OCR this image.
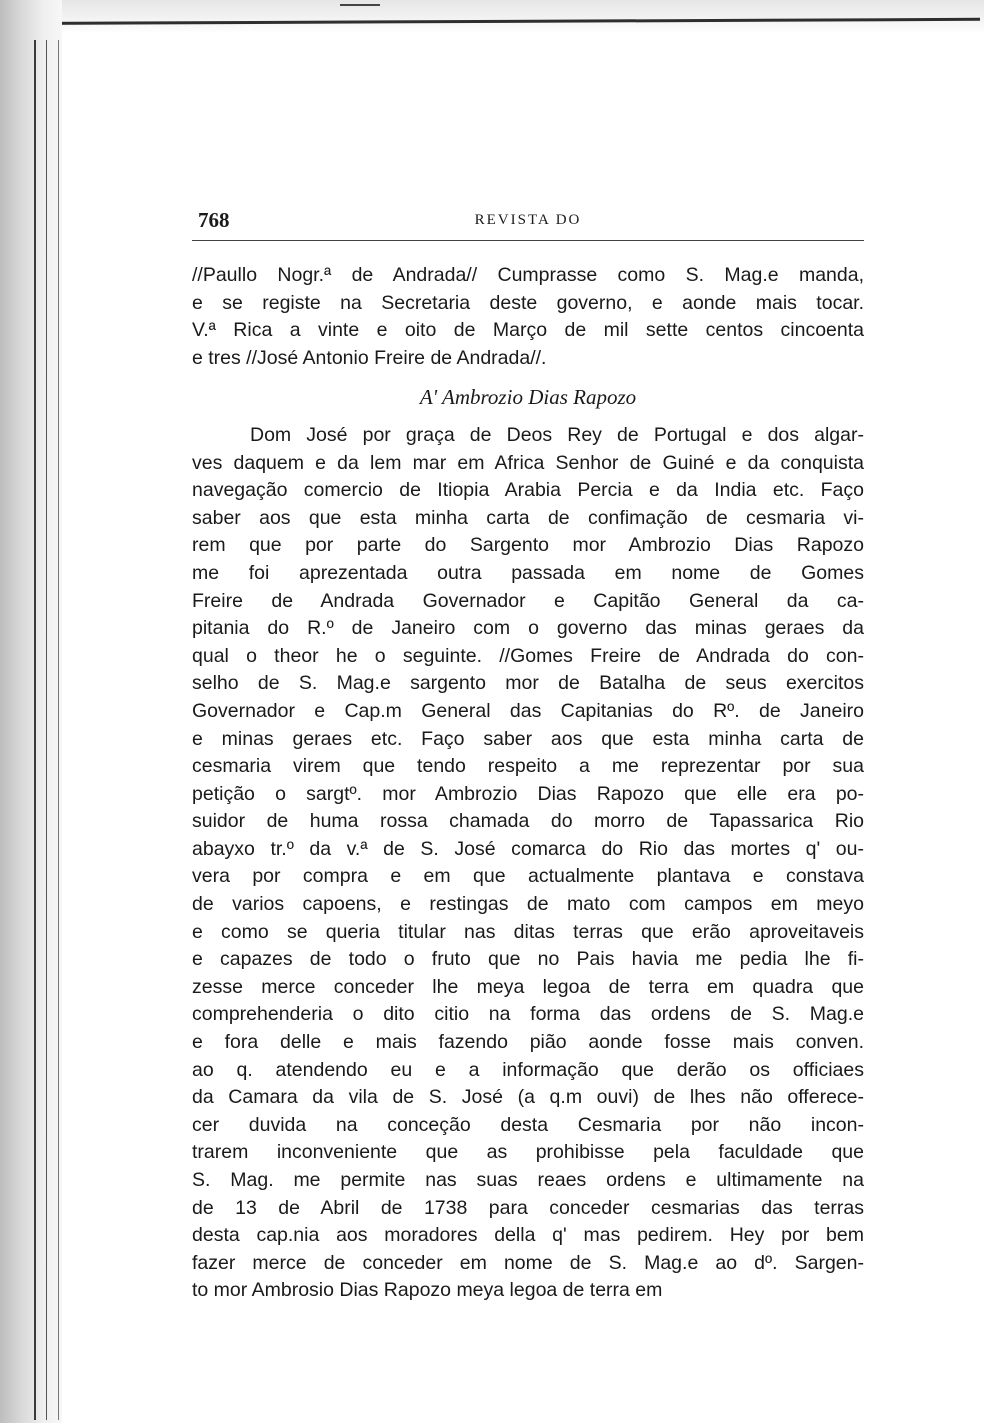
768	REVISTA DO
//Paullo Nogr.ª de Andrada// Cumprasse como S. Mag.e manda,
e se registe na Secretaria deste governo, e aonde mais tocar.
V.ª Rica a vinte e oito de Março de mil sette centos cincoenta
e tres //José Antonio Freire de Andrada//.
A' Ambrozio Dias Rapozo
Dom José por graça de Deos Rey de Portugal e dos algar-
ves daquem e da lem mar em Africa Senhor de Guiné e da conquista
navegação comercio de Itiopia Arabia Percia e da India etc. Faço
saber aos que esta minha carta de confimação de cesmaria vi-
rem que por parte do Sargento mor Ambrozio Dias Rapozo
me foi aprezentada outra passada em nome de Gomes
Freire de Andrada Governador e Capitão General da ca-
pitania do R.º de Janeiro com o governo das minas geraes da
qual o theor he o seguinte. //Gomes Freire de Andrada do con-
selho de S. Mag.e sargento mor de Batalha de seus exercitos
Governador e Cap.m General das Capitanias do Rº. de Janeiro
e minas geraes etc. Faço saber aos que esta minha carta de
cesmaria virem que tendo respeito a me reprezentar por sua
petição o sargtº. mor Ambrozio Dias Rapozo que elle era po-
suidor de huma rossa chamada do morro de Tapassarica Rio
abayxo tr.º da v.ª de S. José comarca do Rio das mortes q' ou-
vera por compra e em que actualmente plantava e constava
de varios capoens, e restingas de mato com campos em meyo
e como se queria titular nas ditas terras que erão aproveitaveis
e capazes de todo o fruto que no Pais havia me pedia lhe fi-
zesse merce conceder lhe meya legoa de terra em quadra que
comprehenderia o dito citio na forma das ordens de S. Mag.e
e fora delle e mais fazendo pião aonde fosse mais conven.
ao q. atendendo eu e a informação que derão os officiaes
da Camara da vila de S. José (a q.m ouvi) de lhes não offerece-
cer duvida na conceção desta Cesmaria por não incon-
trarem inconveniente que as prohibisse pela faculdade que
S. Mag. me permite nas suas reaes ordens e ultimamente na
de 13 de Abril de 1738 para conceder cesmarias das terras
desta cap.nia aos moradores della q' mas pedirem. Hey por bem
fazer merce de conceder em nome de S. Mag.e ao dº. Sargen-
to mor Ambrosio Dias Rapozo meya legoa de terra em
